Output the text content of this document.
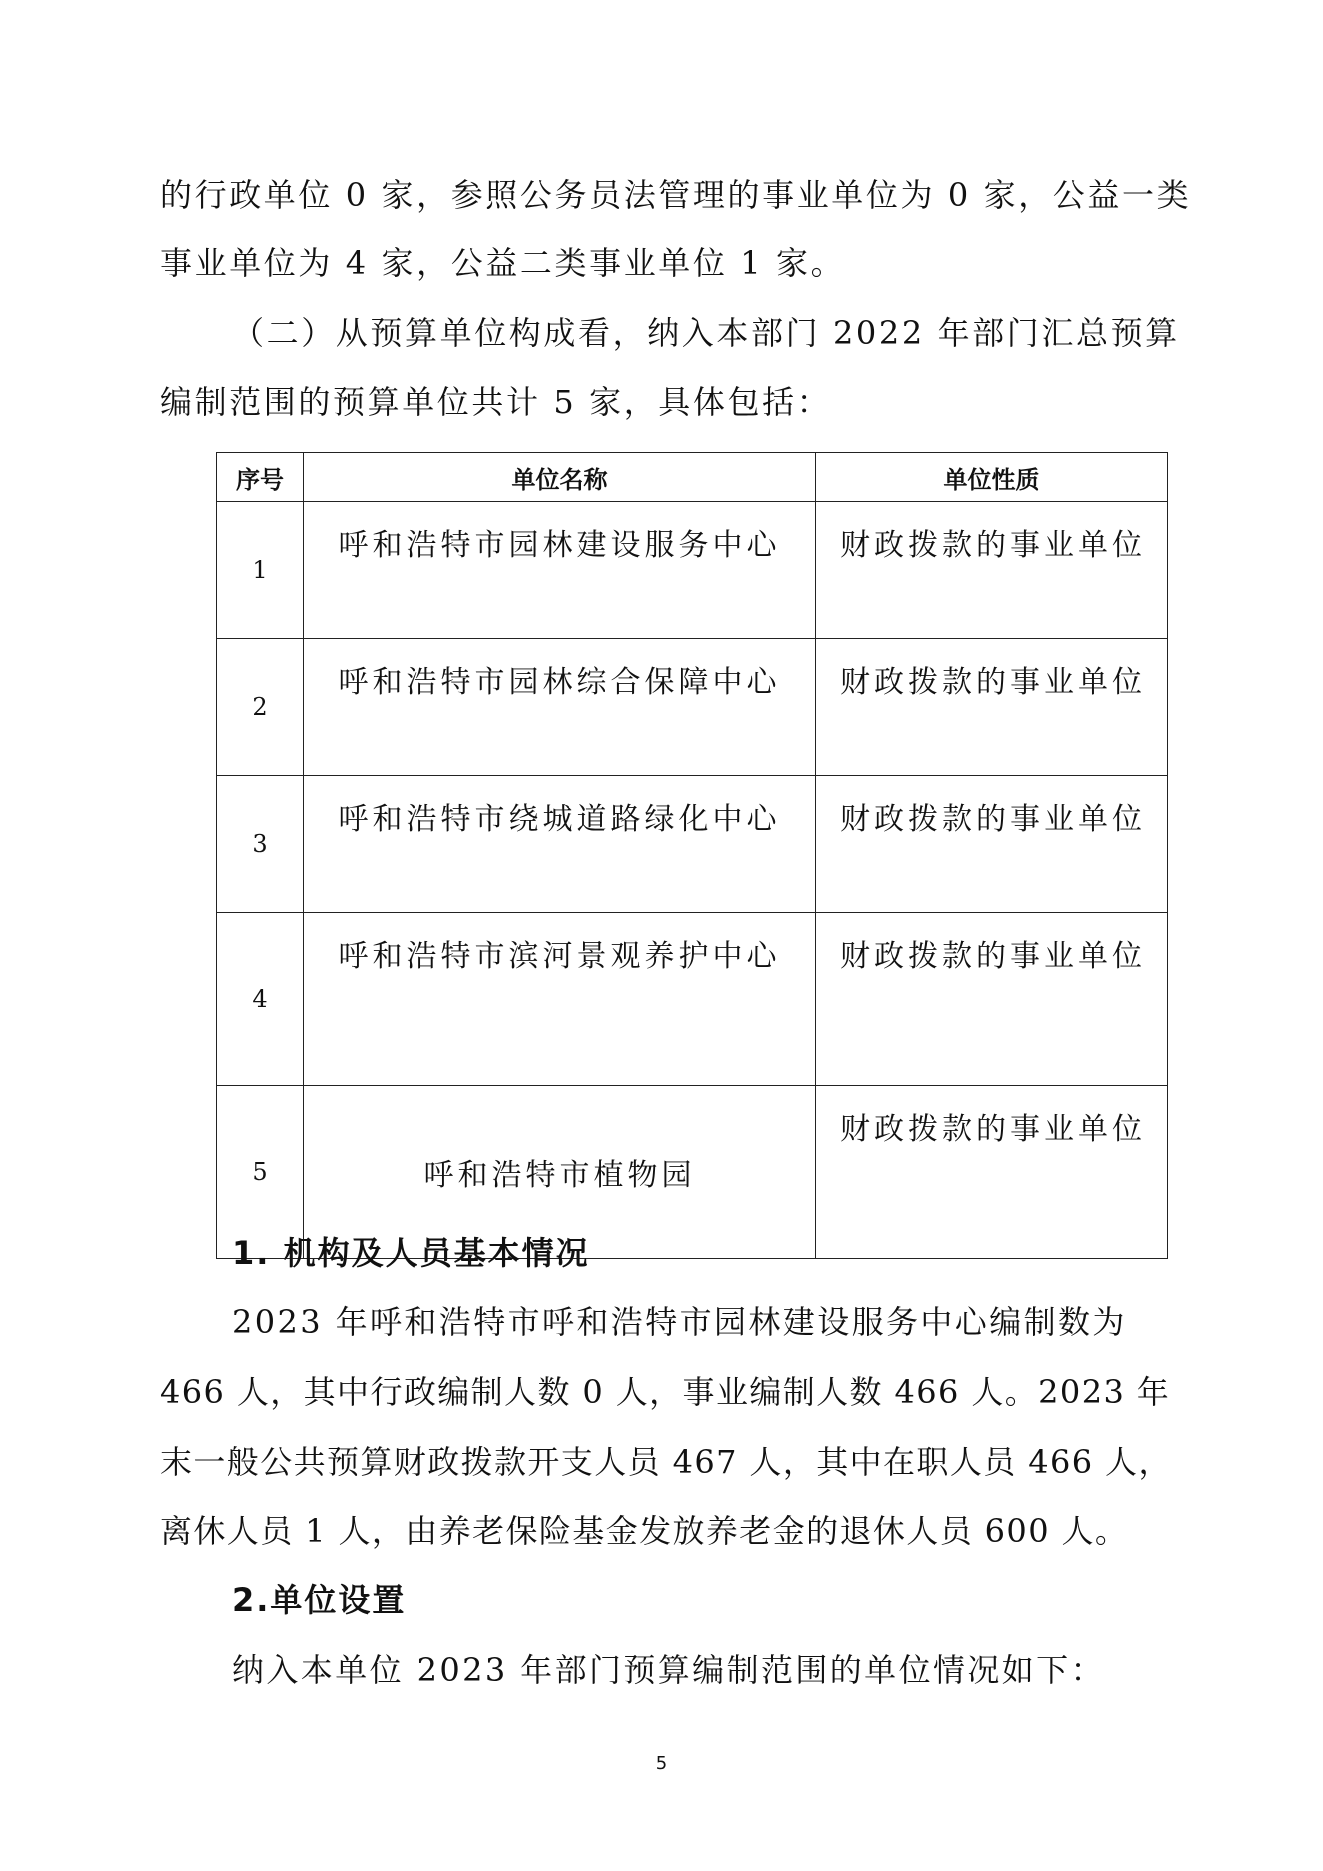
的行政单位 0 家，参照公务员法管理的事业单位为 0 家，公益一类
事业单位为 4 家，公益二类事业单位 1 家。
（二）从预算单位构成看，纳入本部门 2022 年部门汇总预算
编制范围的预算单位共计 5 家，具体包括：
序号	单位名称	单位性质
1	呼和浩特市园林建设服务中心	财政拨款的事业单位
2	呼和浩特市园林综合保障中心	财政拨款的事业单位
3	呼和浩特市绕城道路绿化中心	财政拨款的事业单位
4	呼和浩特市滨河景观养护中心	财政拨款的事业单位
5	呼和浩特市植物园	财政拨款的事业单位
1. 机构及人员基本情况
2023 年呼和浩特市呼和浩特市园林建设服务中心编制数为
466 人，其中行政编制人数 0 人，事业编制人数 466 人。2023 年
末一般公共预算财政拨款开支人员 467 人，其中在职人员 466 人，
离休人员 1 人，由养老保险基金发放养老金的退休人员 600 人。
2.单位设置
纳入本单位 2023 年部门预算编制范围的单位情况如下：
5
